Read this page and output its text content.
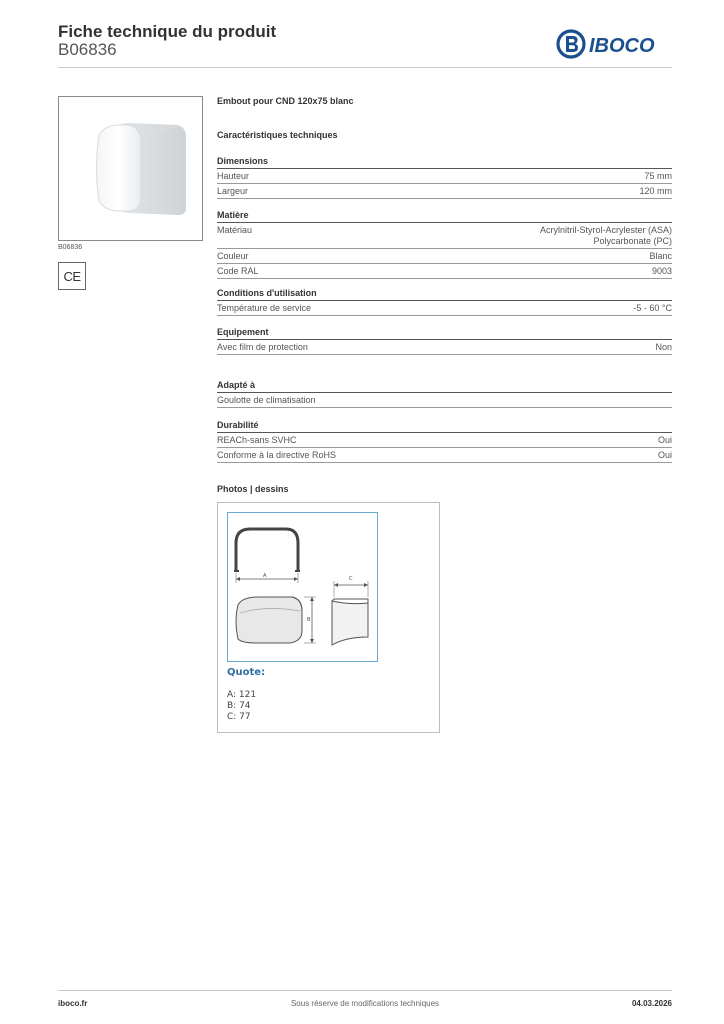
Fiche technique du produit
B06836	IBOCO
B06836
CE
Embout pour CND 120x75 blanc
Caractéristiques techniques
Dimensions
Hauteur	75 mm
Largeur	120 mm
Matière
Matériau	Acrylnitril-Styrol-Acrylester (ASA)
Polycarbonate (PC)
Couleur	Blanc
Code RAL	9003
Conditions d'utilisation
Température de service	-5 - 60 °C
Equipement
Avec film de protection	Non
Adapté à
Goulotte de climatisation
Durabilité
REACh-sans SVHC	Oui
Conforme à la directive RoHS	Oui
Photos | dessins
A
B
C
Quote:
A: 121
B: 74
C: 77
iboco.fr	Sous réserve de modifications techniques	04.03.2026
